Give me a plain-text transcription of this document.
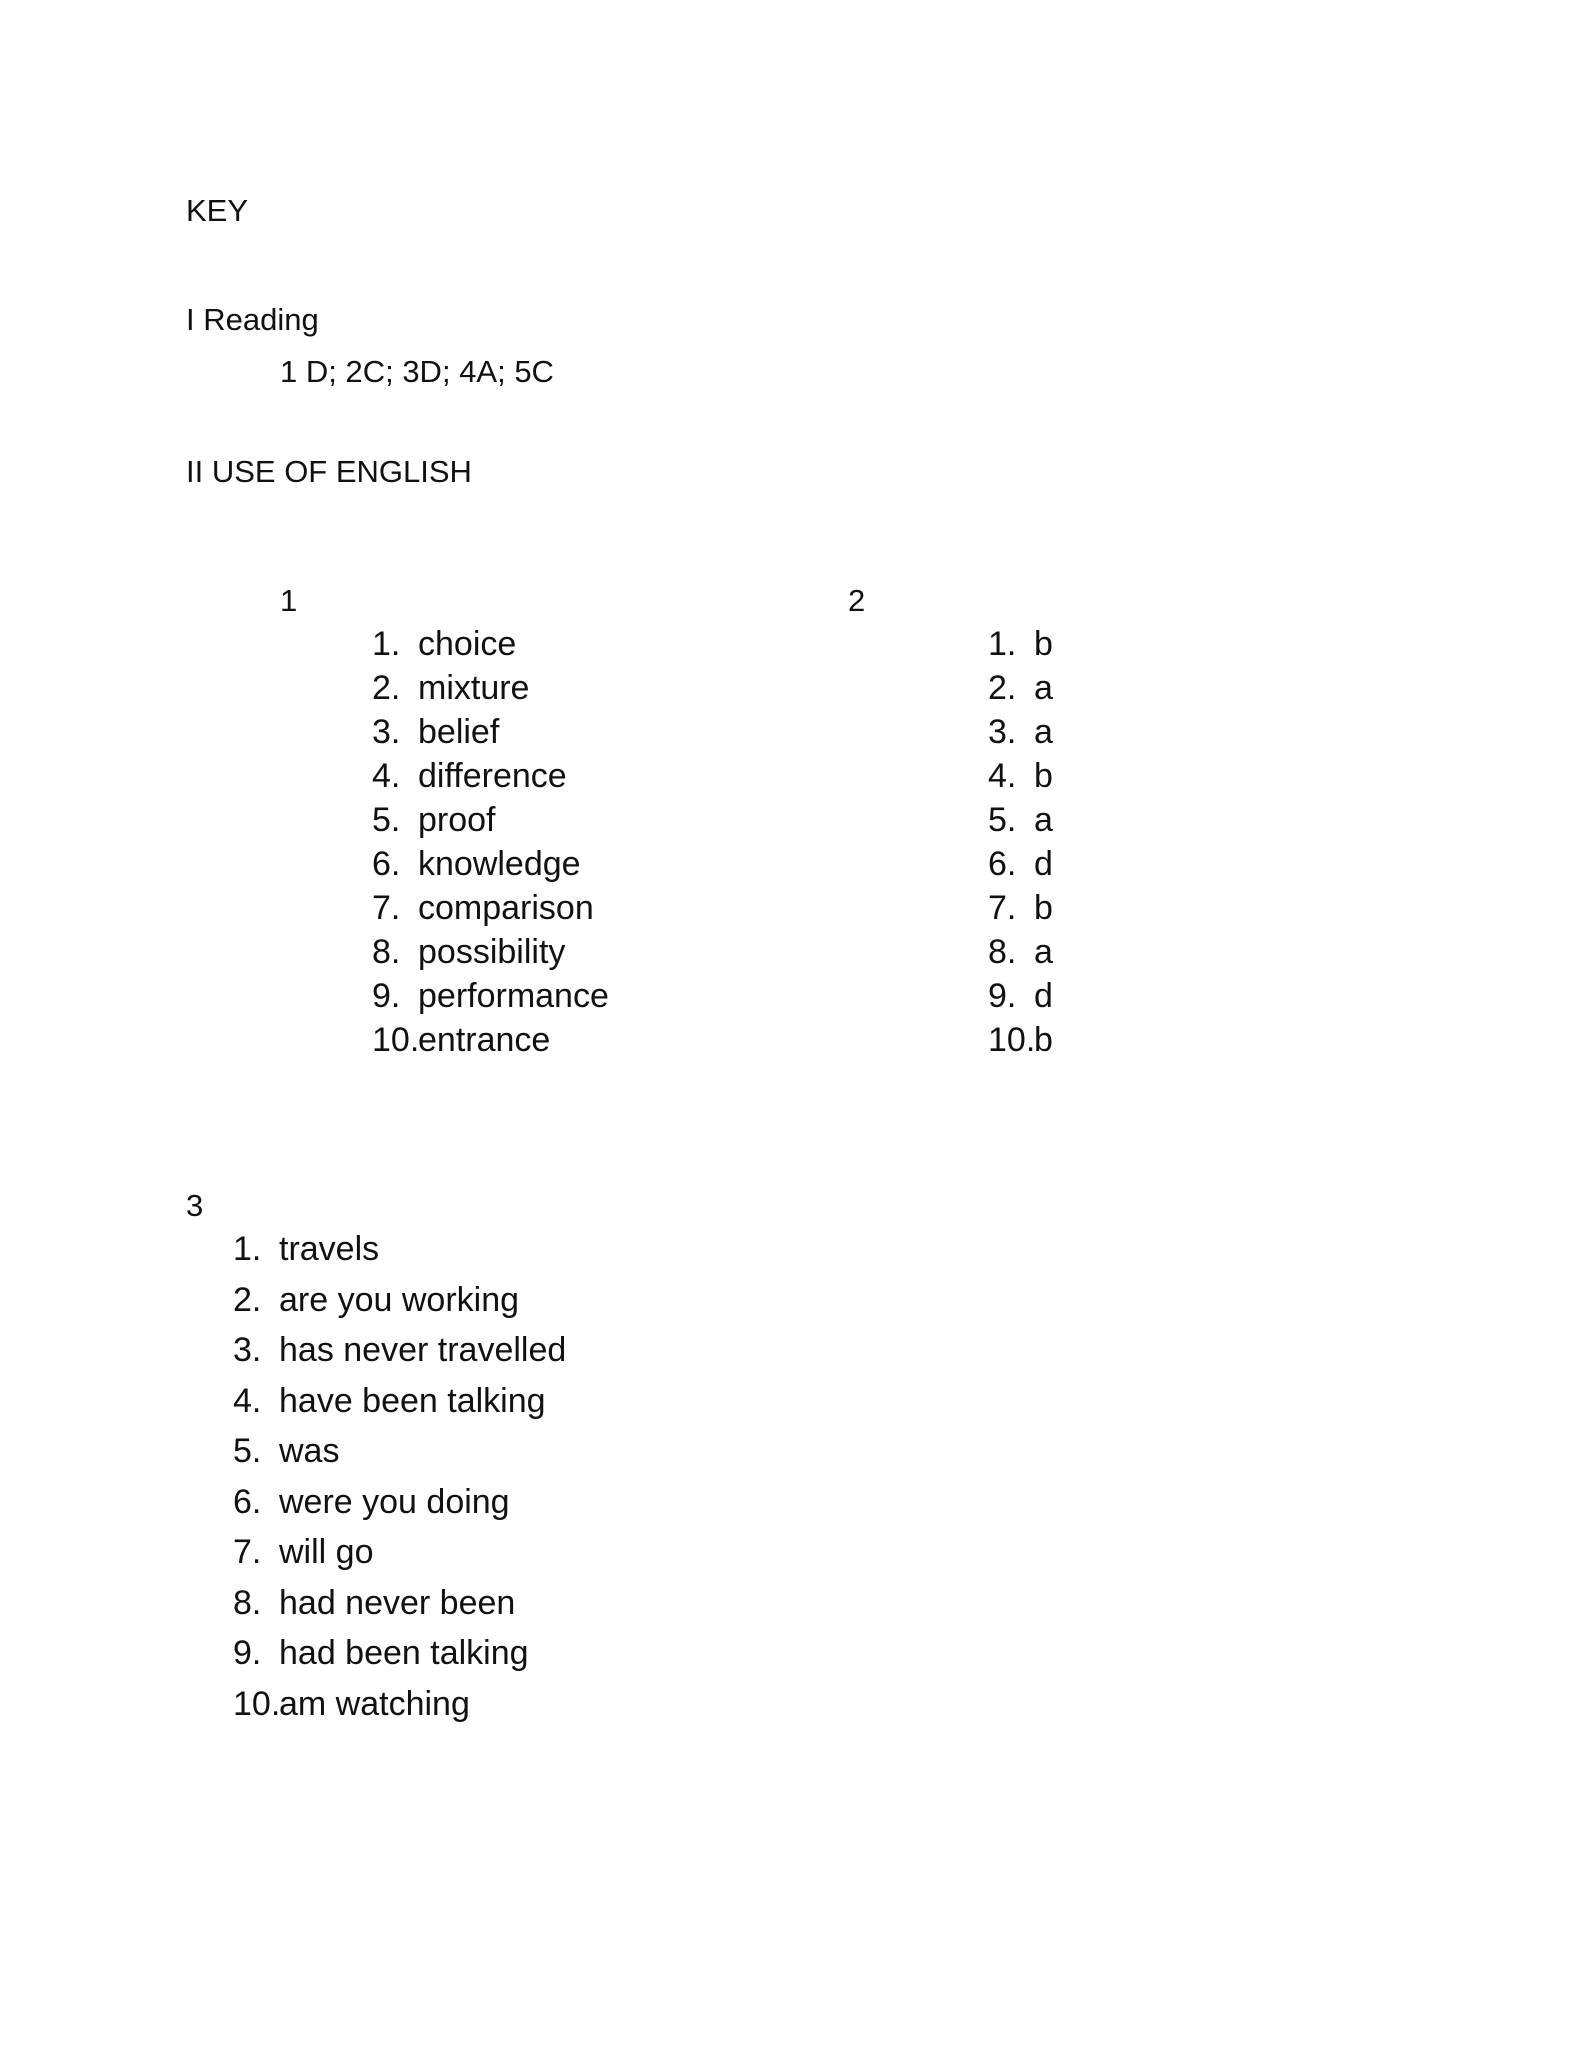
KEY
I Reading
1 D; 2C; 3D; 4A; 5C
II USE OF ENGLISH
1	2
1. choice
2. mixture
3. belief
4. difference
5. proof
6. knowledge
7. comparison
8. possibility
9. performance
10.entrance
1. b
2. a
3. a
4. b
5. a
6. d
7. b
8. a
9. d
10.b
3
1. travels
2. are you working
3. has never travelled
4. have been talking
5. was
6. were you doing
7. will go
8. had never been
9. had been talking
10.am watching
